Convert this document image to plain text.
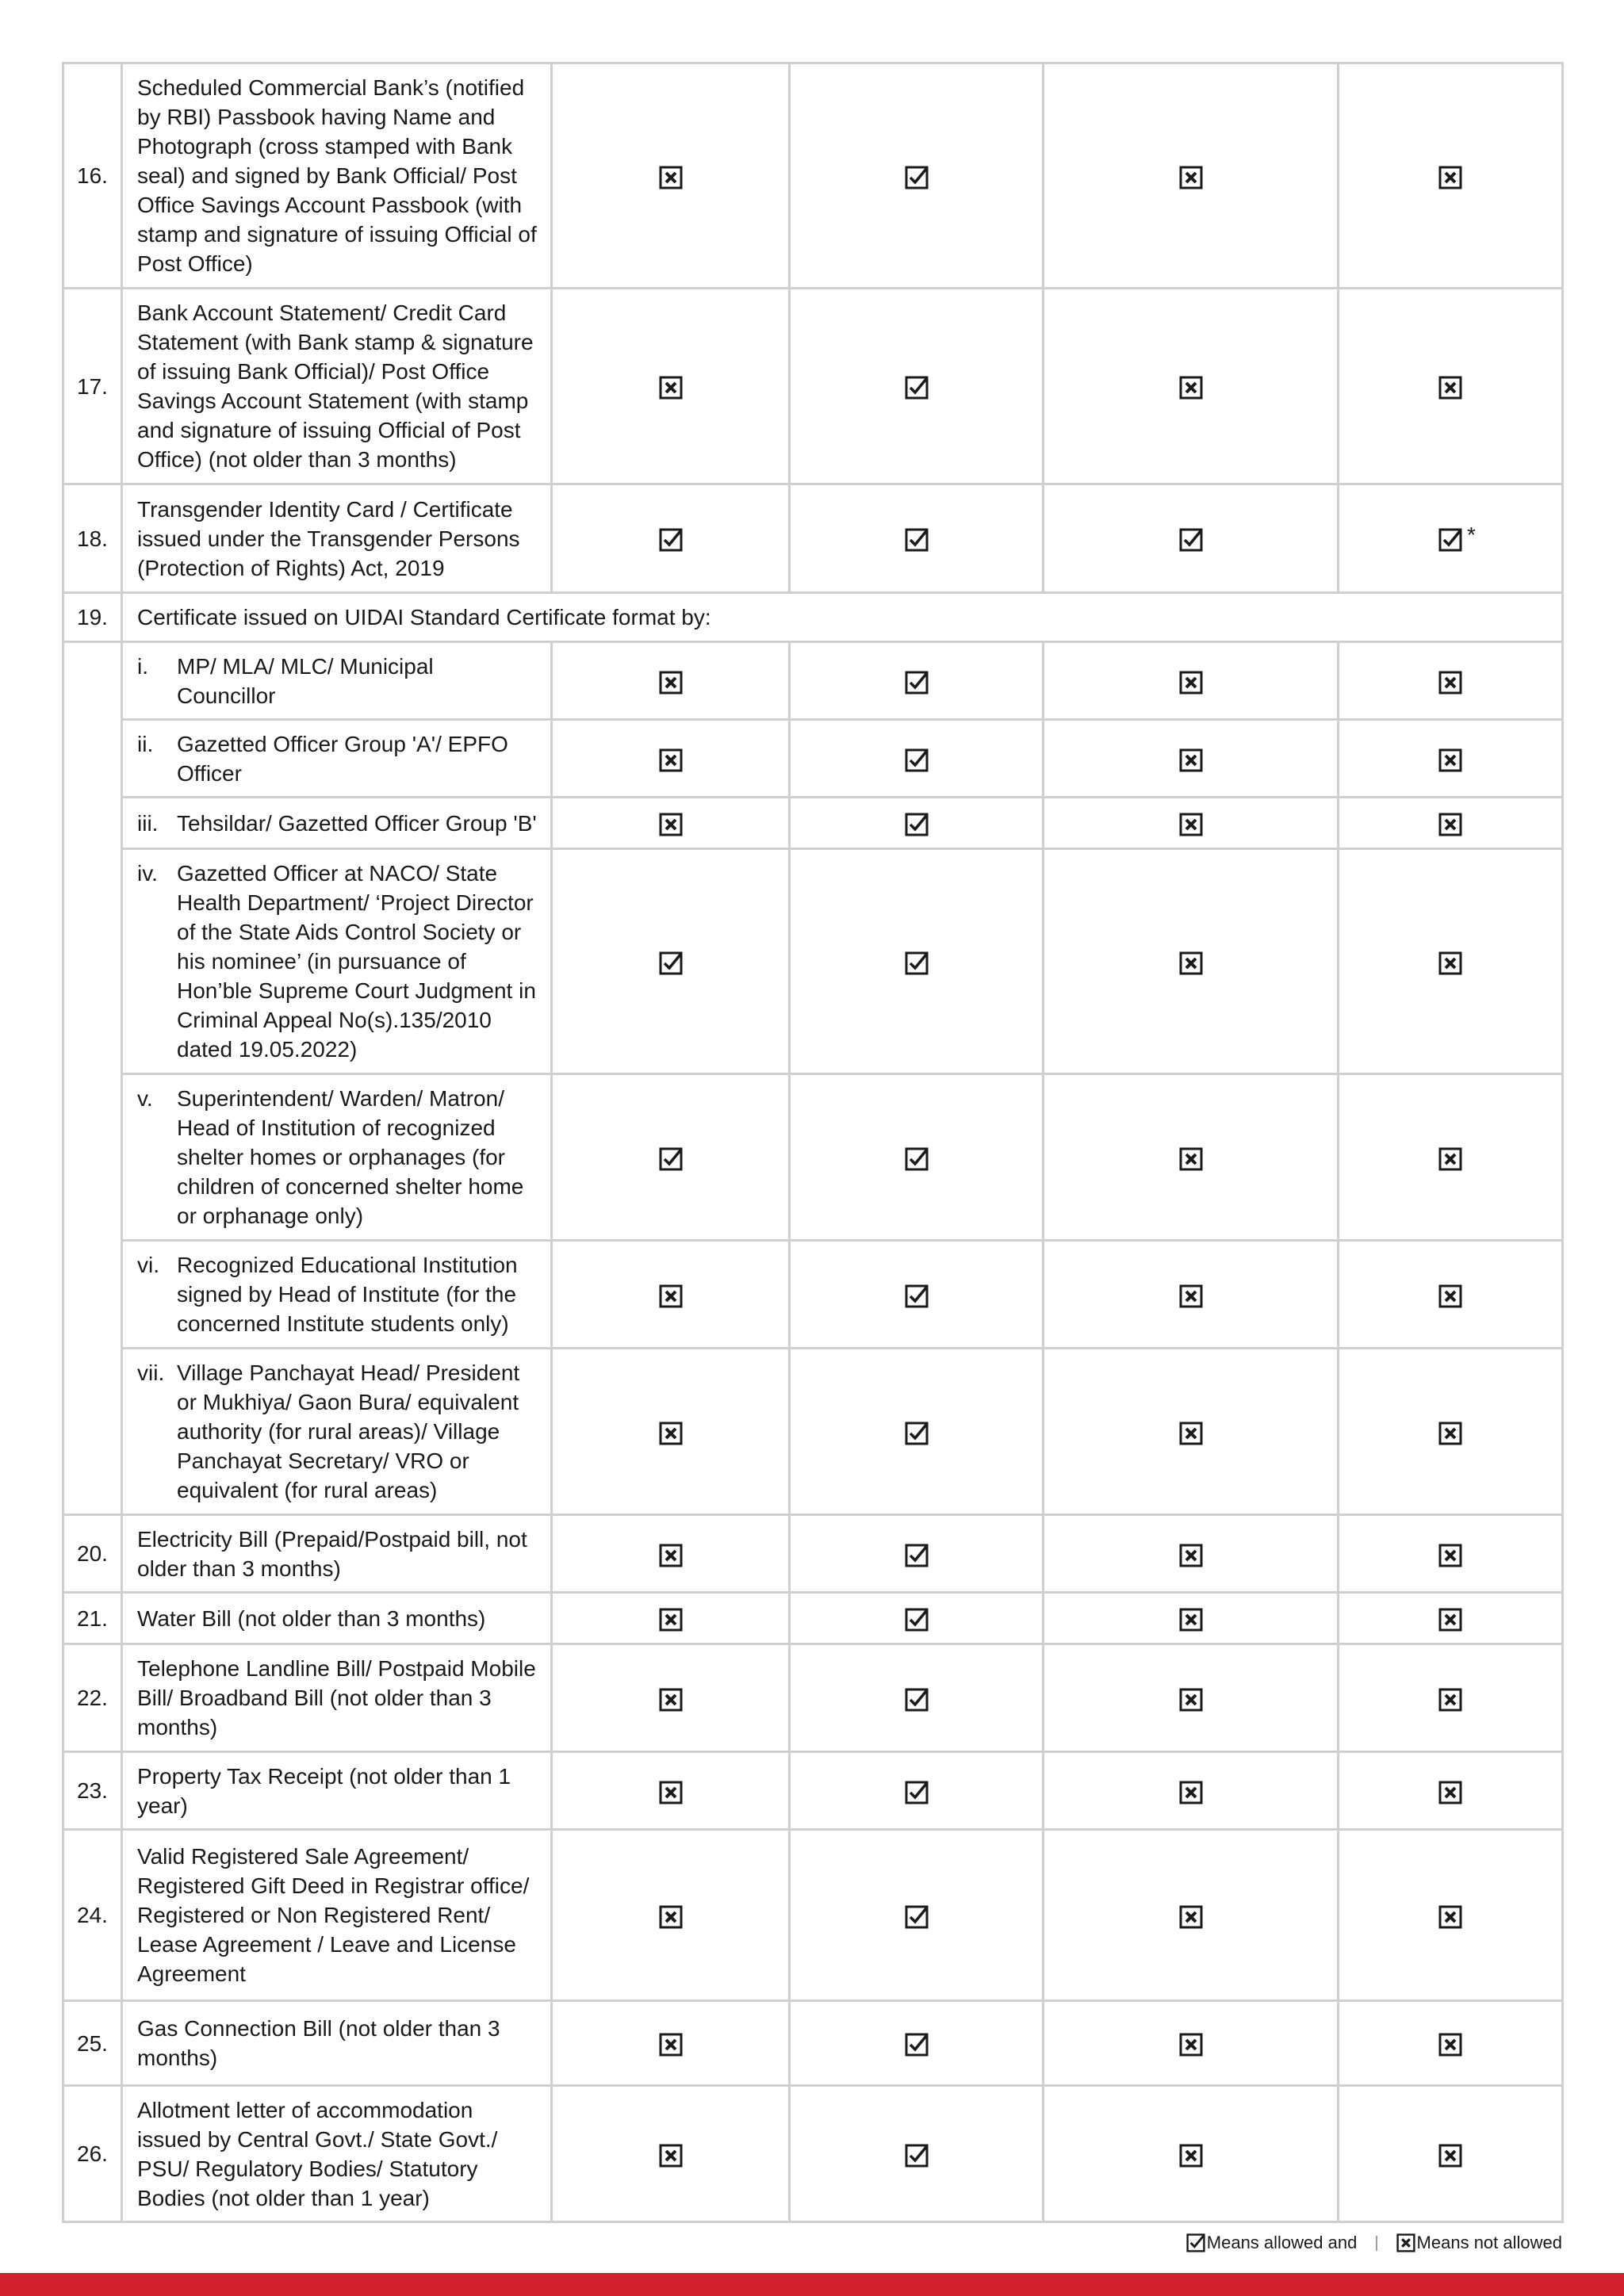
16.	Scheduled Commercial Bank’s (notified by RBI) Passbook having Name and Photograph (cross stamped with Bank seal) and signed by Bank Official/ Post Office Savings Account Passbook (with stamp and signature of issuing Official of Post Office)	

17.	Bank Account Statement/ Credit Card Statement (with Bank stamp & signature of issuing Bank Official)/ Post Office Savings Account Statement (with stamp and signature of issuing Official of Post Office) (not older than 3 months)	

18.	Transgender Identity Card / Certificate issued under the Transgender Persons (Protection of Rights) Act, 2019				*

19.	Certificate issued on UIDAI Standard Certificate format by:				

	i. MP/ MLA/ MLC/ Municipal Councillor

	ii. Gazetted Officer Group 'A'/ EPFO Officer

	iii. Tehsildar/ Gazetted Officer Group 'B'

	iv. Gazetted Officer at NACO/ State Health Department/ ‘Project Director of the State Aids Control Society or his nominee’ (in pursuance of Hon’ble Supreme Court Judgment in Criminal Appeal No(s).135/2010 dated 19.05.2022)

	v. Superintendent/ Warden/ Matron/ Head of Institution of recognized shelter homes or orphanages (for children of concerned shelter home or orphanage only)

	vi. Recognized Educational Institution signed by Head of Institute (for the concerned Institute students only)

	vii. Village Panchayat Head/ President or Mukhiya/ Gaon Bura/ equivalent authority (for rural areas)/ Village Panchayat Secretary/ VRO or equivalent (for rural areas)

20.	Electricity Bill (Prepaid/Postpaid bill, not older than 3 months)	

21.	Water Bill (not older than 3 months)	

22.	Telephone Landline Bill/ Postpaid Mobile Bill/ Broadband Bill (not older than 3 months)	

23.	Property Tax Receipt (not older than 1 year)	

24.	Valid Registered Sale Agreement/ Registered Gift Deed in Registrar office/ Registered or Non Registered Rent/ Lease Agreement / Leave and License Agreement	

25.	Gas Connection Bill (not older than 3 months)	

26.	Allotment letter of accommodation issued by Central Govt./ State Govt./ PSU/ Regulatory Bodies/ Statutory Bodies (not older than 1 year)	

Means allowed and | Means not allowed
